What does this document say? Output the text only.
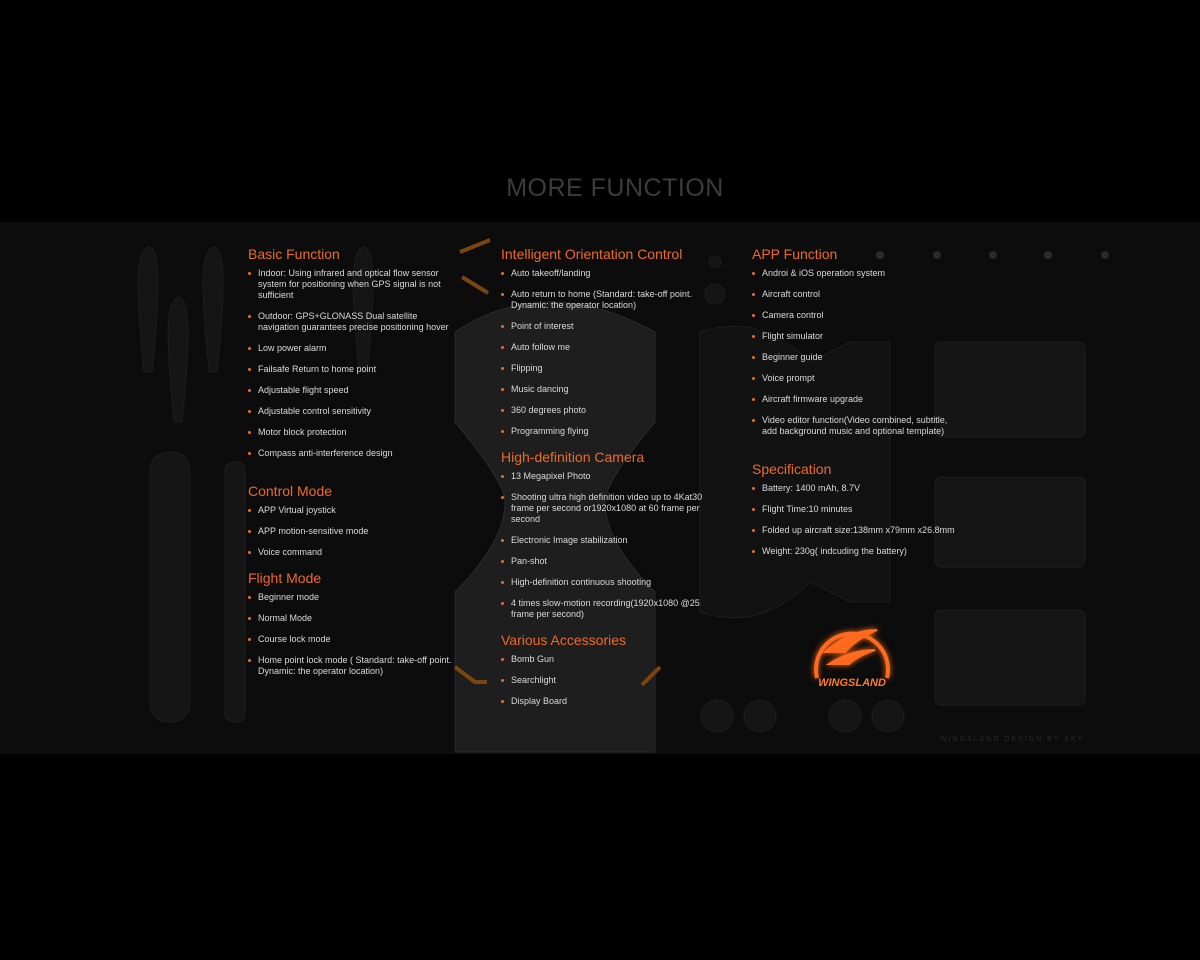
MORE FUNCTION
Basic Function
Indoor: Using infrared and optical flow sensor system for positioning when GPS signal is not sufficient
Outdoor: GPS+GLONASS Dual satellite navigation guarantees precise positioning hover
Low power alarm
Failsafe Return to home point
Adjustable flight speed
Adjustable control sensitivity
Motor block protection
Compass anti-interference design
Control Mode
APP Virtual joystick
APP motion-sensitive mode
Voice command
Flight Mode
Beginner mode
Normal Mode
Course lock mode
Home point lock mode ( Standard: take-off point. Dynamic: the operator location)
Intelligent Orientation Control
Auto takeoff/landing
Auto return to home (Standard: take-off point. Dynamic: the operator location)
Point of interest
Auto follow me
Flipping
Music dancing
360 degrees photo
Programming flying
High-definition Camera
13 Megapixel Photo
Shooting ultra high definition video up to 4Kat30 frame per second or1920x1080 at 60 frame per second
Electronic Image stabilization
Pan-shot
High-definition continuous shooting
4 times slow-motion recording(1920x1080 @25 frame per second)
Various Accessories
Bomb Gun
Searchlight
Display Board
APP Function
Androi & iOS operation system
Aircraft control
Camera control
Flight simulator
Beginner guide
Voice prompt
Aircraft firmware upgrade
Video editor function(Video combined, subtitle, add background music and optional template)
Specification
Battery: 1400 mAh, 8.7V
Flight Time:10 minutes
Folded up aircraft size:138mm x79mm x26.8mm
Weight: 230g( indcuding the battery)
WINGSLAND
WINGSLAND DESIGN BY SKY
